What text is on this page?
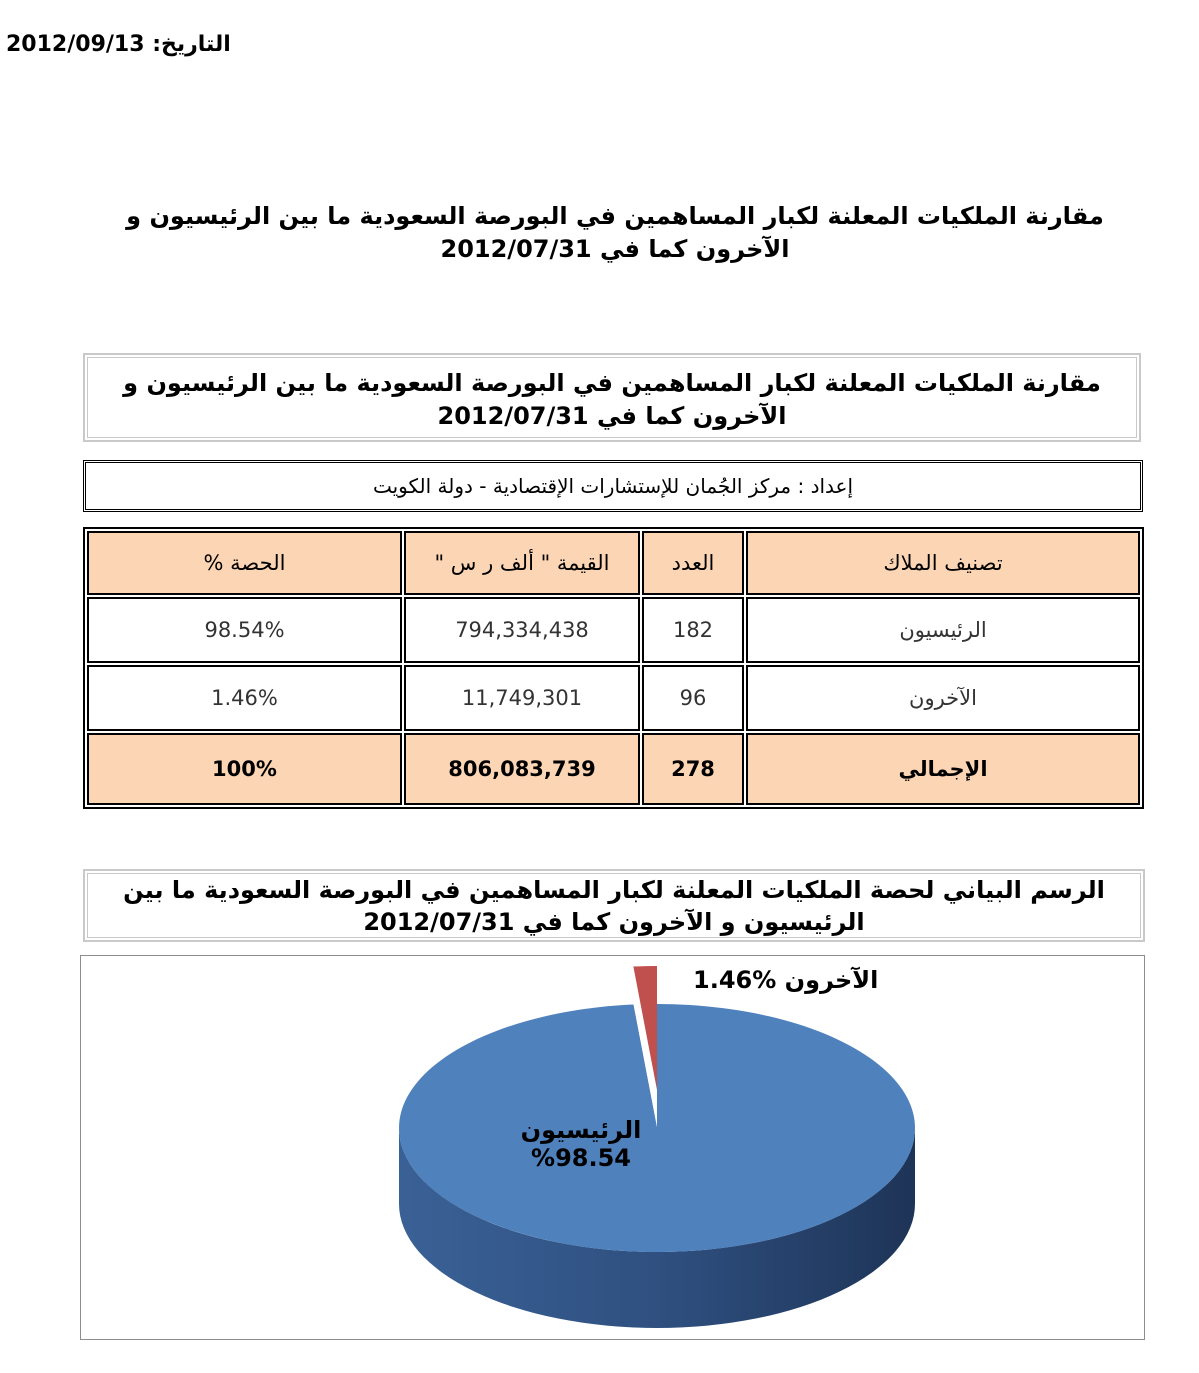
التاريخ: 2012/09/13
مقارنة الملكيات المعلنة لكبار المساهمين في البورصة السعودية ما بين الرئيسيون و
الآخرون كما في 2012/07/31
مقارنة الملكيات المعلنة لكبار المساهمين في البورصة السعودية ما بين الرئيسيون و
الآخرون كما في 2012/07/31
إعداد : مركز الجُمان للإستشارات الإقتصادية - دولة الكويت
تصنيف الملاك	العدد	القيمة " ألف ر س "	الحصة %
الرئيسيون	182	794,334,438	98.54%
الآخرون	96	11,749,301	1.46%
الإجمالي	278	806,083,739	100%
الرسم البياني لحصة الملكيات المعلنة لكبار المساهمين في البورصة السعودية ما بين
الرئيسيون و الآخرون كما في 2012/07/31
الرئيسيون
%98.54
الآخرون %1.46
